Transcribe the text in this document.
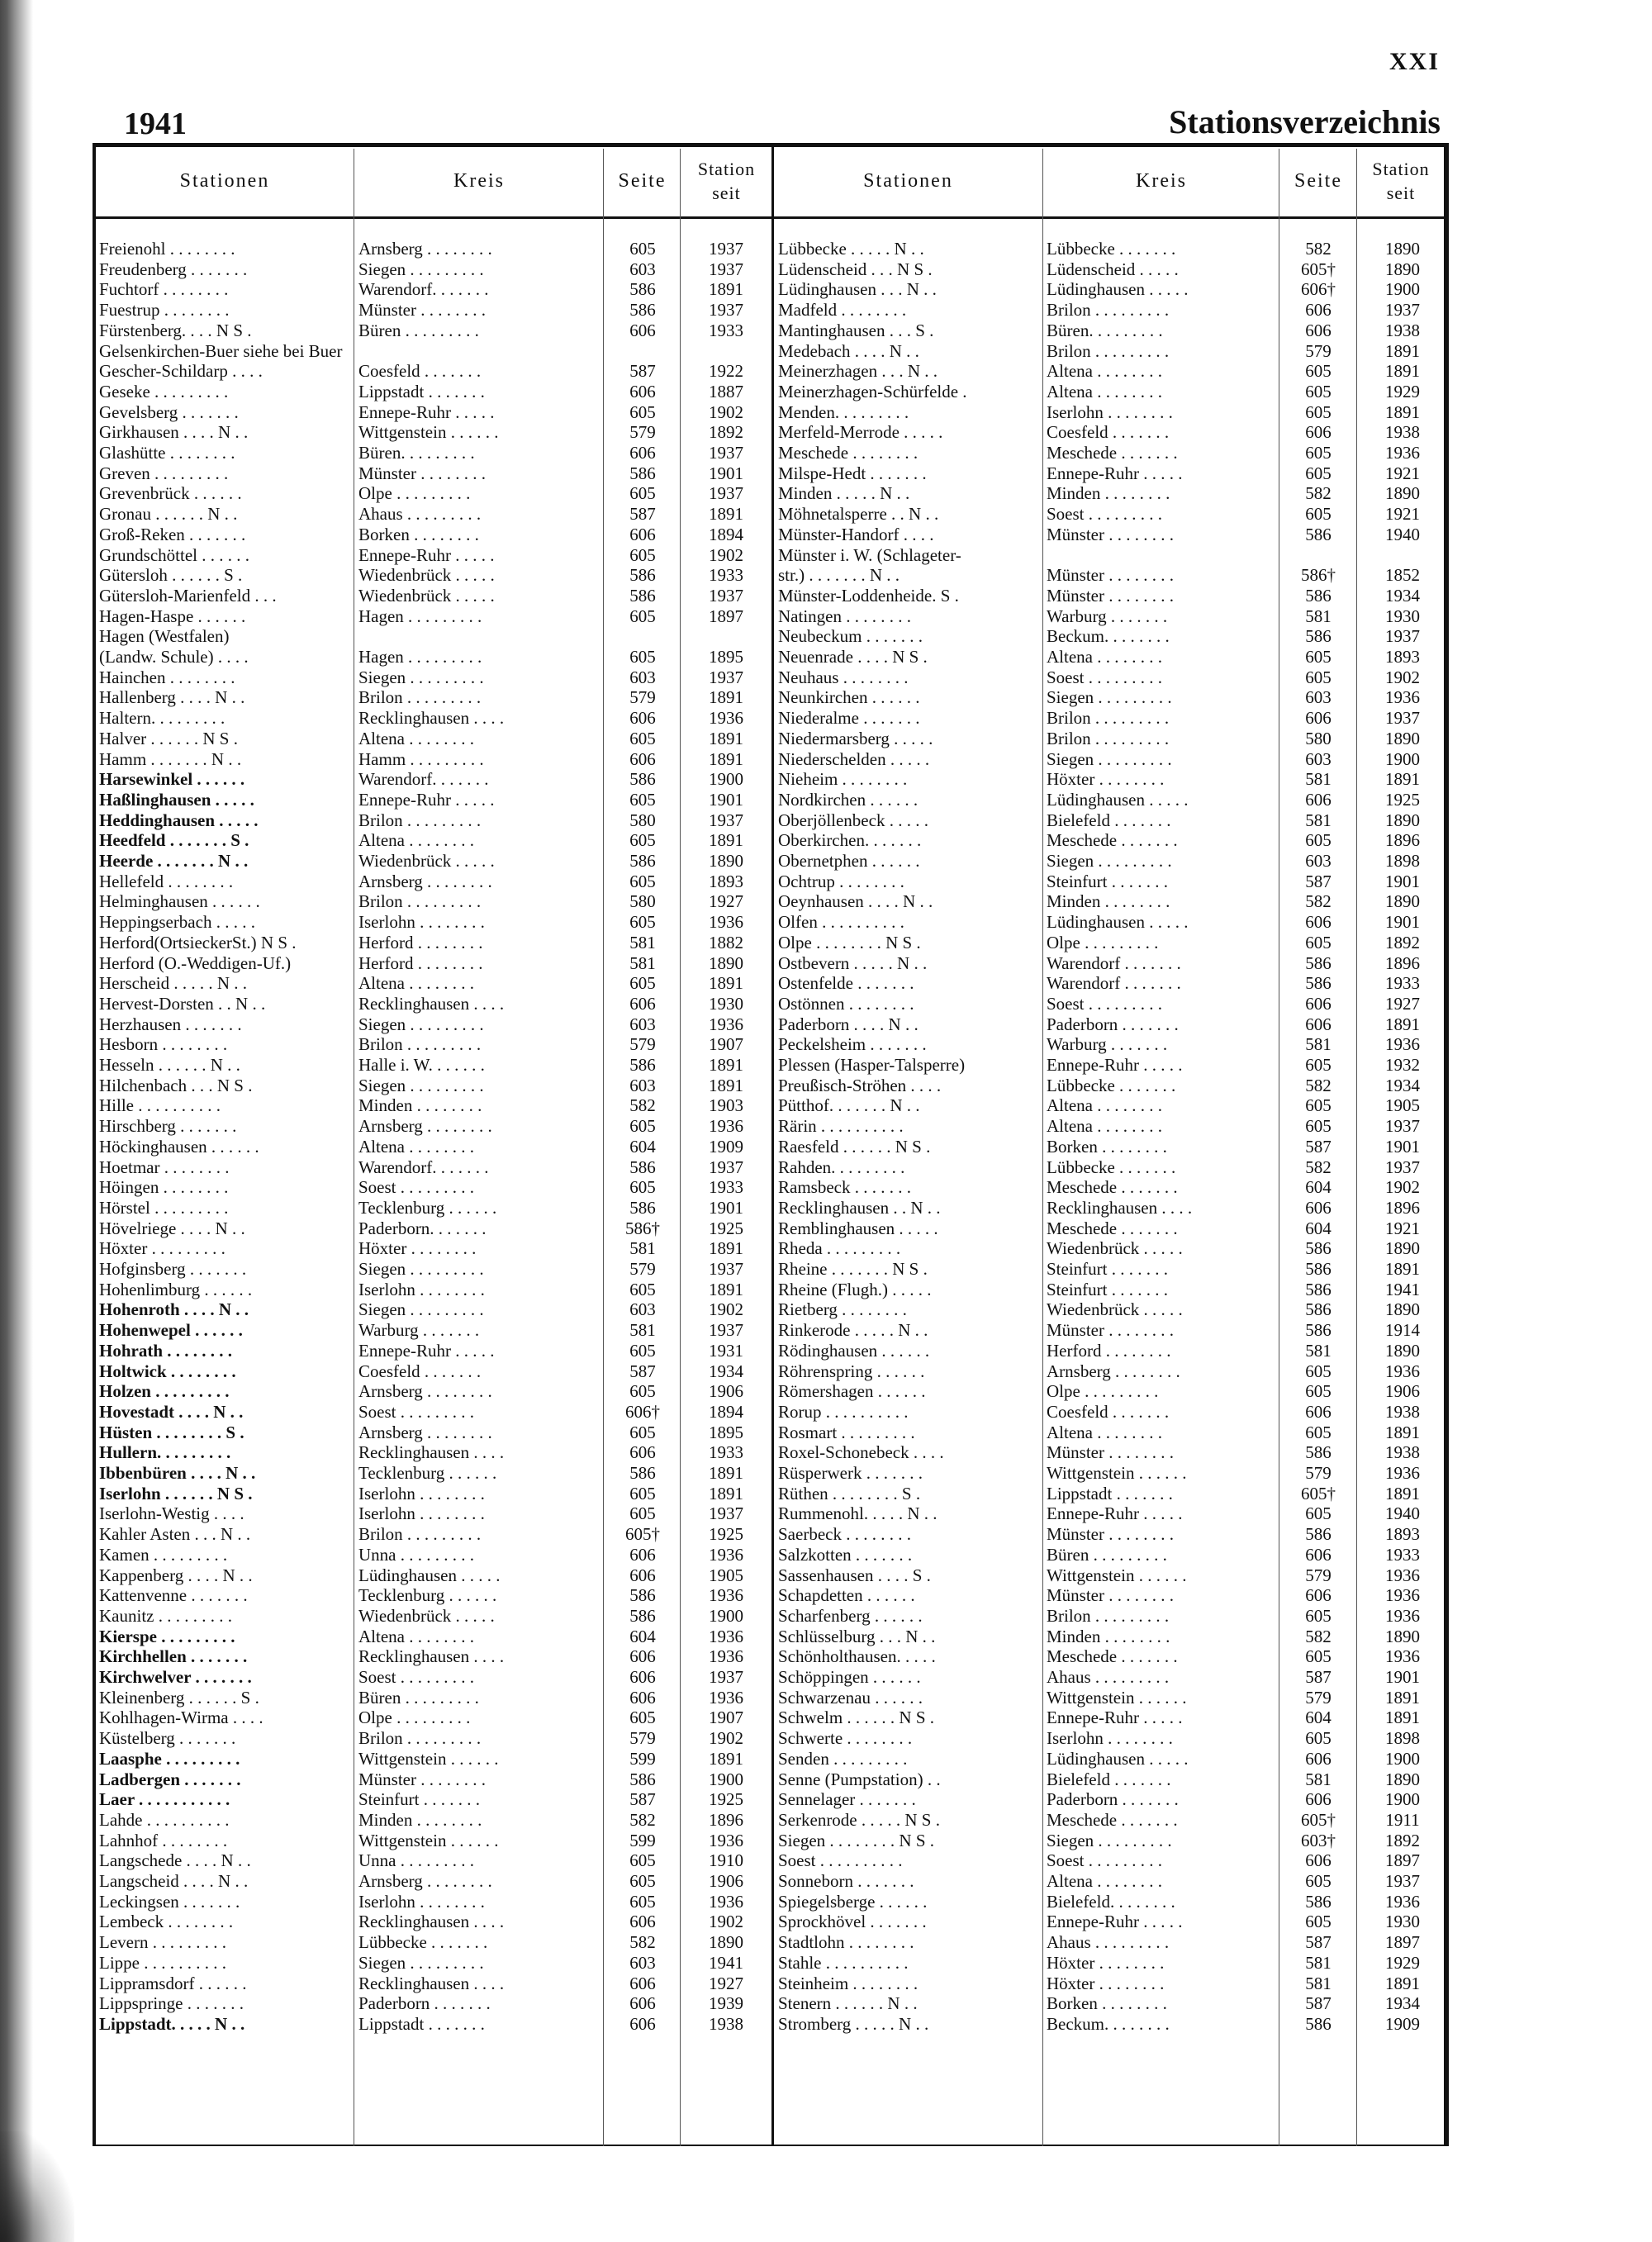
XXI
1941	Stationsverzeichnis
Stationen	Kreis	Seite
Station seit
Stationen	Kreis	Seite
Station seit
Freienohl . . . . . . . .	Arnsberg . . . . . . . .	605	1937
Freudenberg . . . . . . .	Siegen . . . . . . . . .	603	1937
Fuchtorf . . . . . . . .	Warendorf. . . . . . .	586	1891
Fuestrup . . . . . . . .	Münster . . . . . . . .	586	1937
Fürstenberg. . . . N S .	Büren . . . . . . . . .	606	1933
Gelsenkirchen-Buer siehe bei Buer
Gescher-Schildarp . . . .	Coesfeld . . . . . . .	587	1922
Geseke . . . . . . . . .	Lippstadt . . . . . . .	606	1887
Gevelsberg . . . . . . .	Ennepe-Ruhr . . . . .	605	1902
Girkhausen . . . . N . .	Wittgenstein . . . . . .	579	1892
Glashütte . . . . . . . .	Büren. . . . . . . . .	606	1937
Greven . . . . . . . . .	Münster . . . . . . . .	586	1901
Grevenbrück . . . . . .	Olpe . . . . . . . . .	605	1937
Gronau . . . . . . N . .	Ahaus . . . . . . . . .	587	1891
Groß-Reken . . . . . . .	Borken . . . . . . . .	606	1894
Grundschöttel . . . . . .	Ennepe-Ruhr . . . . .	605	1902
Gütersloh . . . . . . S .	Wiedenbrück . . . . .	586	1933
Gütersloh-Marienfeld . . .	Wiedenbrück . . . . .	586	1937
Hagen-Haspe . . . . . .	Hagen . . . . . . . . .	605	1897
Hagen (Westfalen)
(Landw. Schule) . . . .	Hagen . . . . . . . . .	605	1895
Hainchen . . . . . . . .	Siegen . . . . . . . . .	603	1937
Hallenberg . . . . N . .	Brilon . . . . . . . . .	579	1891
Haltern. . . . . . . . .	Recklinghausen . . . .	606	1936
Halver . . . . . . N S .	Altena . . . . . . . .	605	1891
Hamm . . . . . . . N . .	Hamm . . . . . . . . .	606	1891
Harsewinkel . . . . . .	Warendorf. . . . . . .	586	1900
Haßlinghausen . . . . .	Ennepe-Ruhr . . . . .	605	1901
Heddinghausen . . . . .	Brilon . . . . . . . . .	580	1937
Heedfeld . . . . . . . S .	Altena . . . . . . . .	605	1891
Heerde . . . . . . . N . .	Wiedenbrück . . . . .	586	1890
Hellefeld . . . . . . . .	Arnsberg . . . . . . . .	605	1893
Helminghausen . . . . . .	Brilon . . . . . . . . .	580	1927
Heppingserbach . . . . .	Iserlohn . . . . . . . .	605	1936
Herford(OrtsieckerSt.) N S .	Herford . . . . . . . .	581	1882
Herford (O.-Weddigen-Uf.)	Herford . . . . . . . .	581	1890
Herscheid . . . . . N . .	Altena . . . . . . . .	605	1891
Hervest-Dorsten . . N . .	Recklinghausen . . . .	606	1930
Herzhausen . . . . . . .	Siegen . . . . . . . . .	603	1936
Hesborn . . . . . . . .	Brilon . . . . . . . . .	579	1907
Hesseln . . . . . . N . .	Halle i. W. . . . . . .	586	1891
Hilchenbach . . . N S .	Siegen . . . . . . . . .	603	1891
Hille . . . . . . . . . .	Minden . . . . . . . .	582	1903
Hirschberg . . . . . . .	Arnsberg . . . . . . . .	605	1936
Höckinghausen . . . . . .	Altena . . . . . . . .	604	1909
Hoetmar . . . . . . . .	Warendorf. . . . . . .	586	1937
Höingen . . . . . . . .	Soest . . . . . . . . .	605	1933
Hörstel . . . . . . . . .	Tecklenburg . . . . . .	586	1901
Hövelriege . . . . N . .	Paderborn. . . . . . .	586†	1925
Höxter . . . . . . . . .	Höxter . . . . . . . .	581	1891
Hofginsberg . . . . . . .	Siegen . . . . . . . . .	579	1937
Hohenlimburg . . . . . .	Iserlohn . . . . . . . .	605	1891
Hohenroth . . . . N . .	Siegen . . . . . . . . .	603	1902
Hohenwepel . . . . . .	Warburg . . . . . . .	581	1937
Hohrath . . . . . . . .	Ennepe-Ruhr . . . . .	605	1931
Holtwick . . . . . . . .	Coesfeld . . . . . . .	587	1934
Holzen . . . . . . . . .	Arnsberg . . . . . . . .	605	1906
Hovestadt . . . . N . .	Soest . . . . . . . . .	606†	1894
Hüsten . . . . . . . . S .	Arnsberg . . . . . . . .	605	1895
Hullern. . . . . . . . .	Recklinghausen . . . .	606	1933
Ibbenbüren . . . . N . .	Tecklenburg . . . . . .	586	1891
Iserlohn . . . . . . N S .	Iserlohn . . . . . . . .	605	1891
Iserlohn-Westig . . . .	Iserlohn . . . . . . . .	605	1937
Kahler Asten . . . N . .	Brilon . . . . . . . . .	605†	1925
Kamen . . . . . . . . .	Unna . . . . . . . . .	606	1936
Kappenberg . . . . N . .	Lüdinghausen . . . . .	606	1905
Kattenvenne . . . . . . .	Tecklenburg . . . . . .	586	1936
Kaunitz . . . . . . . . .	Wiedenbrück . . . . .	586	1900
Kierspe . . . . . . . . .	Altena . . . . . . . .	604	1936
Kirchhellen . . . . . . .	Recklinghausen . . . .	606	1936
Kirchwelver . . . . . . .	Soest . . . . . . . . .	606	1937
Kleinenberg . . . . . . S .	Büren . . . . . . . . .	606	1936
Kohlhagen-Wirma . . . .	Olpe . . . . . . . . .	605	1907
Küstelberg . . . . . . .	Brilon . . . . . . . . .	579	1902
Laasphe . . . . . . . . .	Wittgenstein . . . . . .	599	1891
Ladbergen . . . . . . .	Münster . . . . . . . .	586	1900
Laer . . . . . . . . . . .	Steinfurt . . . . . . .	587	1925
Lahde . . . . . . . . . .	Minden . . . . . . . .	582	1896
Lahnhof . . . . . . . .	Wittgenstein . . . . . .	599	1936
Langschede . . . . N . .	Unna . . . . . . . . .	605	1910
Langscheid . . . . N . .	Arnsberg . . . . . . . .	605	1906
Leckingsen . . . . . . .	Iserlohn . . . . . . . .	605	1936
Lembeck . . . . . . . .	Recklinghausen . . . .	606	1902
Levern . . . . . . . . .	Lübbecke . . . . . . .	582	1890
Lippe . . . . . . . . . .	Siegen . . . . . . . . .	603	1941
Lippramsdorf . . . . . .	Recklinghausen . . . .	606	1927
Lippspringe . . . . . . .	Paderborn . . . . . . .	606	1939
Lippstadt. . . . . N . .	Lippstadt . . . . . . .	606	1938
Lübbecke . . . . . N . .	Lübbecke . . . . . . .	582	1890
Lüdenscheid . . . N S .	Lüdenscheid . . . . .	605†	1890
Lüdinghausen . . . N . .	Lüdinghausen . . . . .	606†	1900
Madfeld . . . . . . . .	Brilon . . . . . . . . .	606	1937
Mantinghausen . . . S .	Büren. . . . . . . . .	606	1938
Medebach . . . . N . .	Brilon . . . . . . . . .	579	1891
Meinerzhagen . . . N . .	Altena . . . . . . . .	605	1891
Meinerzhagen-Schürfelde .	Altena . . . . . . . .	605	1929
Menden. . . . . . . . .	Iserlohn . . . . . . . .	605	1891
Merfeld-Merrode . . . . .	Coesfeld . . . . . . .	606	1938
Meschede . . . . . . . .	Meschede . . . . . . .	605	1936
Milspe-Hedt . . . . . . .	Ennepe-Ruhr . . . . .	605	1921
Minden . . . . . N . .	Minden . . . . . . . .	582	1890
Möhnetalsperre . . N . .	Soest . . . . . . . . .	605	1921
Münster-Handorf . . . .	Münster . . . . . . . .	586	1940
Münster i. W. (Schlageter-
str.) . . . . . . . N . .	Münster . . . . . . . .	586†	1852
Münster-Loddenheide. S .	Münster . . . . . . . .	586	1934
Natingen . . . . . . . .	Warburg . . . . . . .	581	1930
Neubeckum . . . . . . .	Beckum. . . . . . . .	586	1937
Neuenrade . . . . N S .	Altena . . . . . . . .	605	1893
Neuhaus . . . . . . . .	Soest . . . . . . . . .	605	1902
Neunkirchen . . . . . .	Siegen . . . . . . . . .	603	1936
Niederalme . . . . . . .	Brilon . . . . . . . . .	606	1937
Niedermarsberg . . . . .	Brilon . . . . . . . . .	580	1890
Niederschelden . . . . .	Siegen . . . . . . . . .	603	1900
Nieheim . . . . . . . .	Höxter . . . . . . . .	581	1891
Nordkirchen . . . . . .	Lüdinghausen . . . . .	606	1925
Oberjöllenbeck . . . . .	Bielefeld . . . . . . .	581	1890
Oberkirchen. . . . . . .	Meschede . . . . . . .	605	1896
Obernetphen . . . . . .	Siegen . . . . . . . . .	603	1898
Ochtrup . . . . . . . .	Steinfurt . . . . . . .	587	1901
Oeynhausen . . . . N . .	Minden . . . . . . . .	582	1890
Olfen . . . . . . . . . .	Lüdinghausen . . . . .	606	1901
Olpe . . . . . . . . N S .	Olpe . . . . . . . . .	605	1892
Ostbevern . . . . . N . .	Warendorf . . . . . . .	586	1896
Ostenfelde . . . . . . .	Warendorf . . . . . . .	586	1933
Ostönnen . . . . . . . .	Soest . . . . . . . . .	606	1927
Paderborn . . . . N . .	Paderborn . . . . . . .	606	1891
Peckelsheim . . . . . . .	Warburg . . . . . . .	581	1936
Plessen (Hasper-Talsperre)	Ennepe-Ruhr . . . . .	605	1932
Preußisch-Ströhen . . . .	Lübbecke . . . . . . .	582	1934
Pütthof. . . . . . . N . .	Altena . . . . . . . .	605	1905
Rärin . . . . . . . . . .	Altena . . . . . . . .	605	1937
Raesfeld . . . . . . N S .	Borken . . . . . . . .	587	1901
Rahden. . . . . . . . .	Lübbecke . . . . . . .	582	1937
Ramsbeck . . . . . . .	Meschede . . . . . . .	604	1902
Recklinghausen . . N . .	Recklinghausen . . . .	606	1896
Remblinghausen . . . . .	Meschede . . . . . . .	604	1921
Rheda . . . . . . . . .	Wiedenbrück . . . . .	586	1890
Rheine . . . . . . . N S .	Steinfurt . . . . . . .	586	1891
Rheine (Flugh.) . . . . .	Steinfurt . . . . . . .	586	1941
Rietberg . . . . . . . .	Wiedenbrück . . . . .	586	1890
Rinkerode . . . . . N . .	Münster . . . . . . . .	586	1914
Rödinghausen . . . . . .	Herford . . . . . . . .	581	1890
Röhrenspring . . . . . .	Arnsberg . . . . . . . .	605	1936
Römershagen . . . . . .	Olpe . . . . . . . . .	605	1906
Rorup . . . . . . . . . .	Coesfeld . . . . . . .	606	1938
Rosmart . . . . . . . . .	Altena . . . . . . . .	605	1891
Roxel-Schonebeck . . . .	Münster . . . . . . . .	586	1938
Rüsperwerk . . . . . . .	Wittgenstein . . . . . .	579	1936
Rüthen . . . . . . . . S .	Lippstadt . . . . . . .	605†	1891
Rummenohl. . . . . N . .	Ennepe-Ruhr . . . . .	605	1940
Saerbeck . . . . . . . .	Münster . . . . . . . .	586	1893
Salzkotten . . . . . . .	Büren . . . . . . . . .	606	1933
Sassenhausen . . . . S .	Wittgenstein . . . . . .	579	1936
Schapdetten . . . . . .	Münster . . . . . . . .	606	1936
Scharfenberg . . . . . .	Brilon . . . . . . . . .	605	1936
Schlüsselburg . . . N . .	Minden . . . . . . . .	582	1890
Schönholthausen. . . . .	Meschede . . . . . . .	605	1936
Schöppingen . . . . . .	Ahaus . . . . . . . . .	587	1901
Schwarzenau . . . . . .	Wittgenstein . . . . . .	579	1891
Schwelm . . . . . . N S .	Ennepe-Ruhr . . . . .	604	1891
Schwerte . . . . . . . .	Iserlohn . . . . . . . .	605	1898
Senden . . . . . . . . .	Lüdinghausen . . . . .	606	1900
Senne (Pumpstation) . .	Bielefeld . . . . . . .	581	1890
Sennelager . . . . . . .	Paderborn . . . . . . .	606	1900
Serkenrode . . . . . N S .	Meschede . . . . . . .	605†	1911
Siegen . . . . . . . . N S .	Siegen . . . . . . . . .	603†	1892
Soest . . . . . . . . . .	Soest . . . . . . . . .	606	1897
Sonneborn . . . . . . .	Altena . . . . . . . .	605	1937
Spiegelsberge . . . . . .	Bielefeld. . . . . . . .	586	1936
Sprockhövel . . . . . . .	Ennepe-Ruhr . . . . .	605	1930
Stadtlohn . . . . . . . .	Ahaus . . . . . . . . .	587	1897
Stahle . . . . . . . . . .	Höxter . . . . . . . .	581	1929
Steinheim . . . . . . . .	Höxter . . . . . . . .	581	1891
Stenern . . . . . . N . .	Borken . . . . . . . .	587	1934
Stromberg . . . . . N . .	Beckum. . . . . . . .	586	1909
